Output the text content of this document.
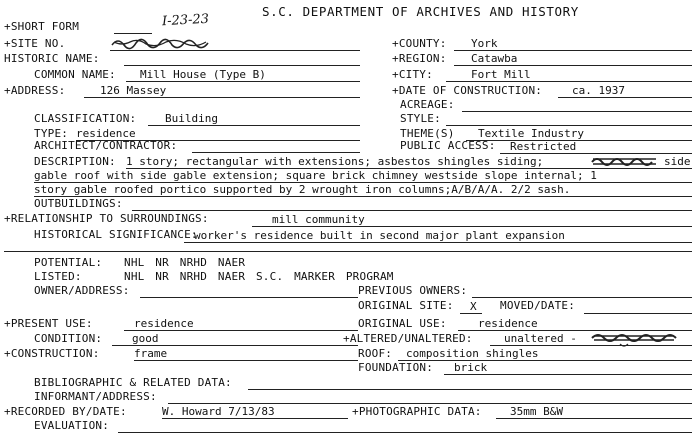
S.C. DEPARTMENT OF ARCHIVES AND HISTORY
+SHORT FORM	I-23-23
+SITE NO.	+COUNTY: York
HISTORIC NAME:	+REGION: Catawba
COMMON NAME: Mill House (Type B)	+CITY:	Fort Mill
+ADDRESS:	126 Massey	+DATE OF CONSTRUCTION:	ca. 1937
ACREAGE:
CLASSIFICATION:	Building	STYLE:
TYPE: residence	THEME(S) Textile Industry
ARCHITECT/CONTRACTOR:	PUBLIC ACCESS: Restricted
DESCRIPTION: 1 story; rectangular with extensions; asbestos shingles siding;	side
gable roof with side gable extension; square brick chimney westside slope internal; 1
story gable roofed portico supported by 2 wrought iron columns;A/B/A/A. 2/2 sash.
OUTBUILDINGS:
+RELATIONSHIP TO SURROUNDINGS:	mill community
HISTORICAL SIGNIFICANCE:
worker's residence built in second major plant expansion
POTENTIAL: NHL NR NRHD NAER
LISTED:	NHL NR NRHD NAER S.C. MARKER PROGRAM
OWNER/ADDRESS:	PREVIOUS OWNERS:
ORIGINAL SITE: X MOVED/DATE:
+PRESENT USE:	residence	ORIGINAL USE:	residence
CONDITION:	good	+ALTERED/UNALTERED:	unaltered -
+CONSTRUCTION:	frame	ROOF: composition shingles
FOUNDATION: brick
BIBLIOGRAPHIC & RELATED DATA:
INFORMANT/ADDRESS:
+RECORDED BY/DATE:	W. Howard 7/13/83	+PHOTOGRAPHIC DATA:	35mm B&W
EVALUATION:
